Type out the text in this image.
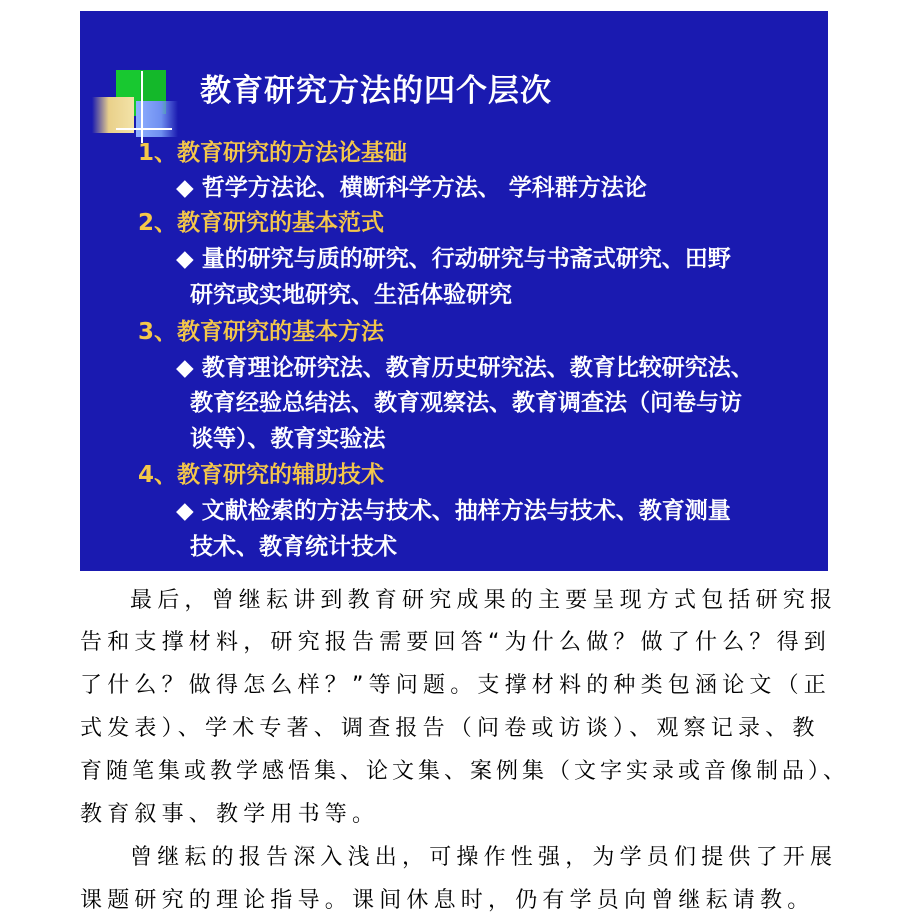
教育研究方法的四个层次

1、教育研究的方法论基础

◆ 哲学方法论、横断科学方法、 学科群方法论

2、教育研究的基本范式

◆ 量的研究与质的研究、行动研究与书斋式研究、田野

研究或实地研究、生活体验研究

3、教育研究的基本方法

◆ 教育理论研究法、教育历史研究法、教育比较研究法、

教育经验总结法、教育观察法、教育调查法（问卷与访

谈等）、教育实验法

4、教育研究的辅助技术

◆ 文献检索的方法与技术、抽样方法与技术、教育测量

技术、教育统计技术

最后，曾继耘讲到教育研究成果的主要呈现方式包括研究报

告和支撑材料，研究报告需要回答“为什么做？做了什么？得到

了什么？做得怎么样？”等问题。支撑材料的种类包涵论文（正

式发表）、学术专著、调查报告（问卷或访谈）、观察记录、教

育随笔集或教学感悟集、论文集、案例集（文字实录或音像制品）、

教育叙事、教学用书等。

曾继耘的报告深入浅出，可操作性强，为学员们提供了开展

课题研究的理论指导。课间休息时，仍有学员向曾继耘请教。
